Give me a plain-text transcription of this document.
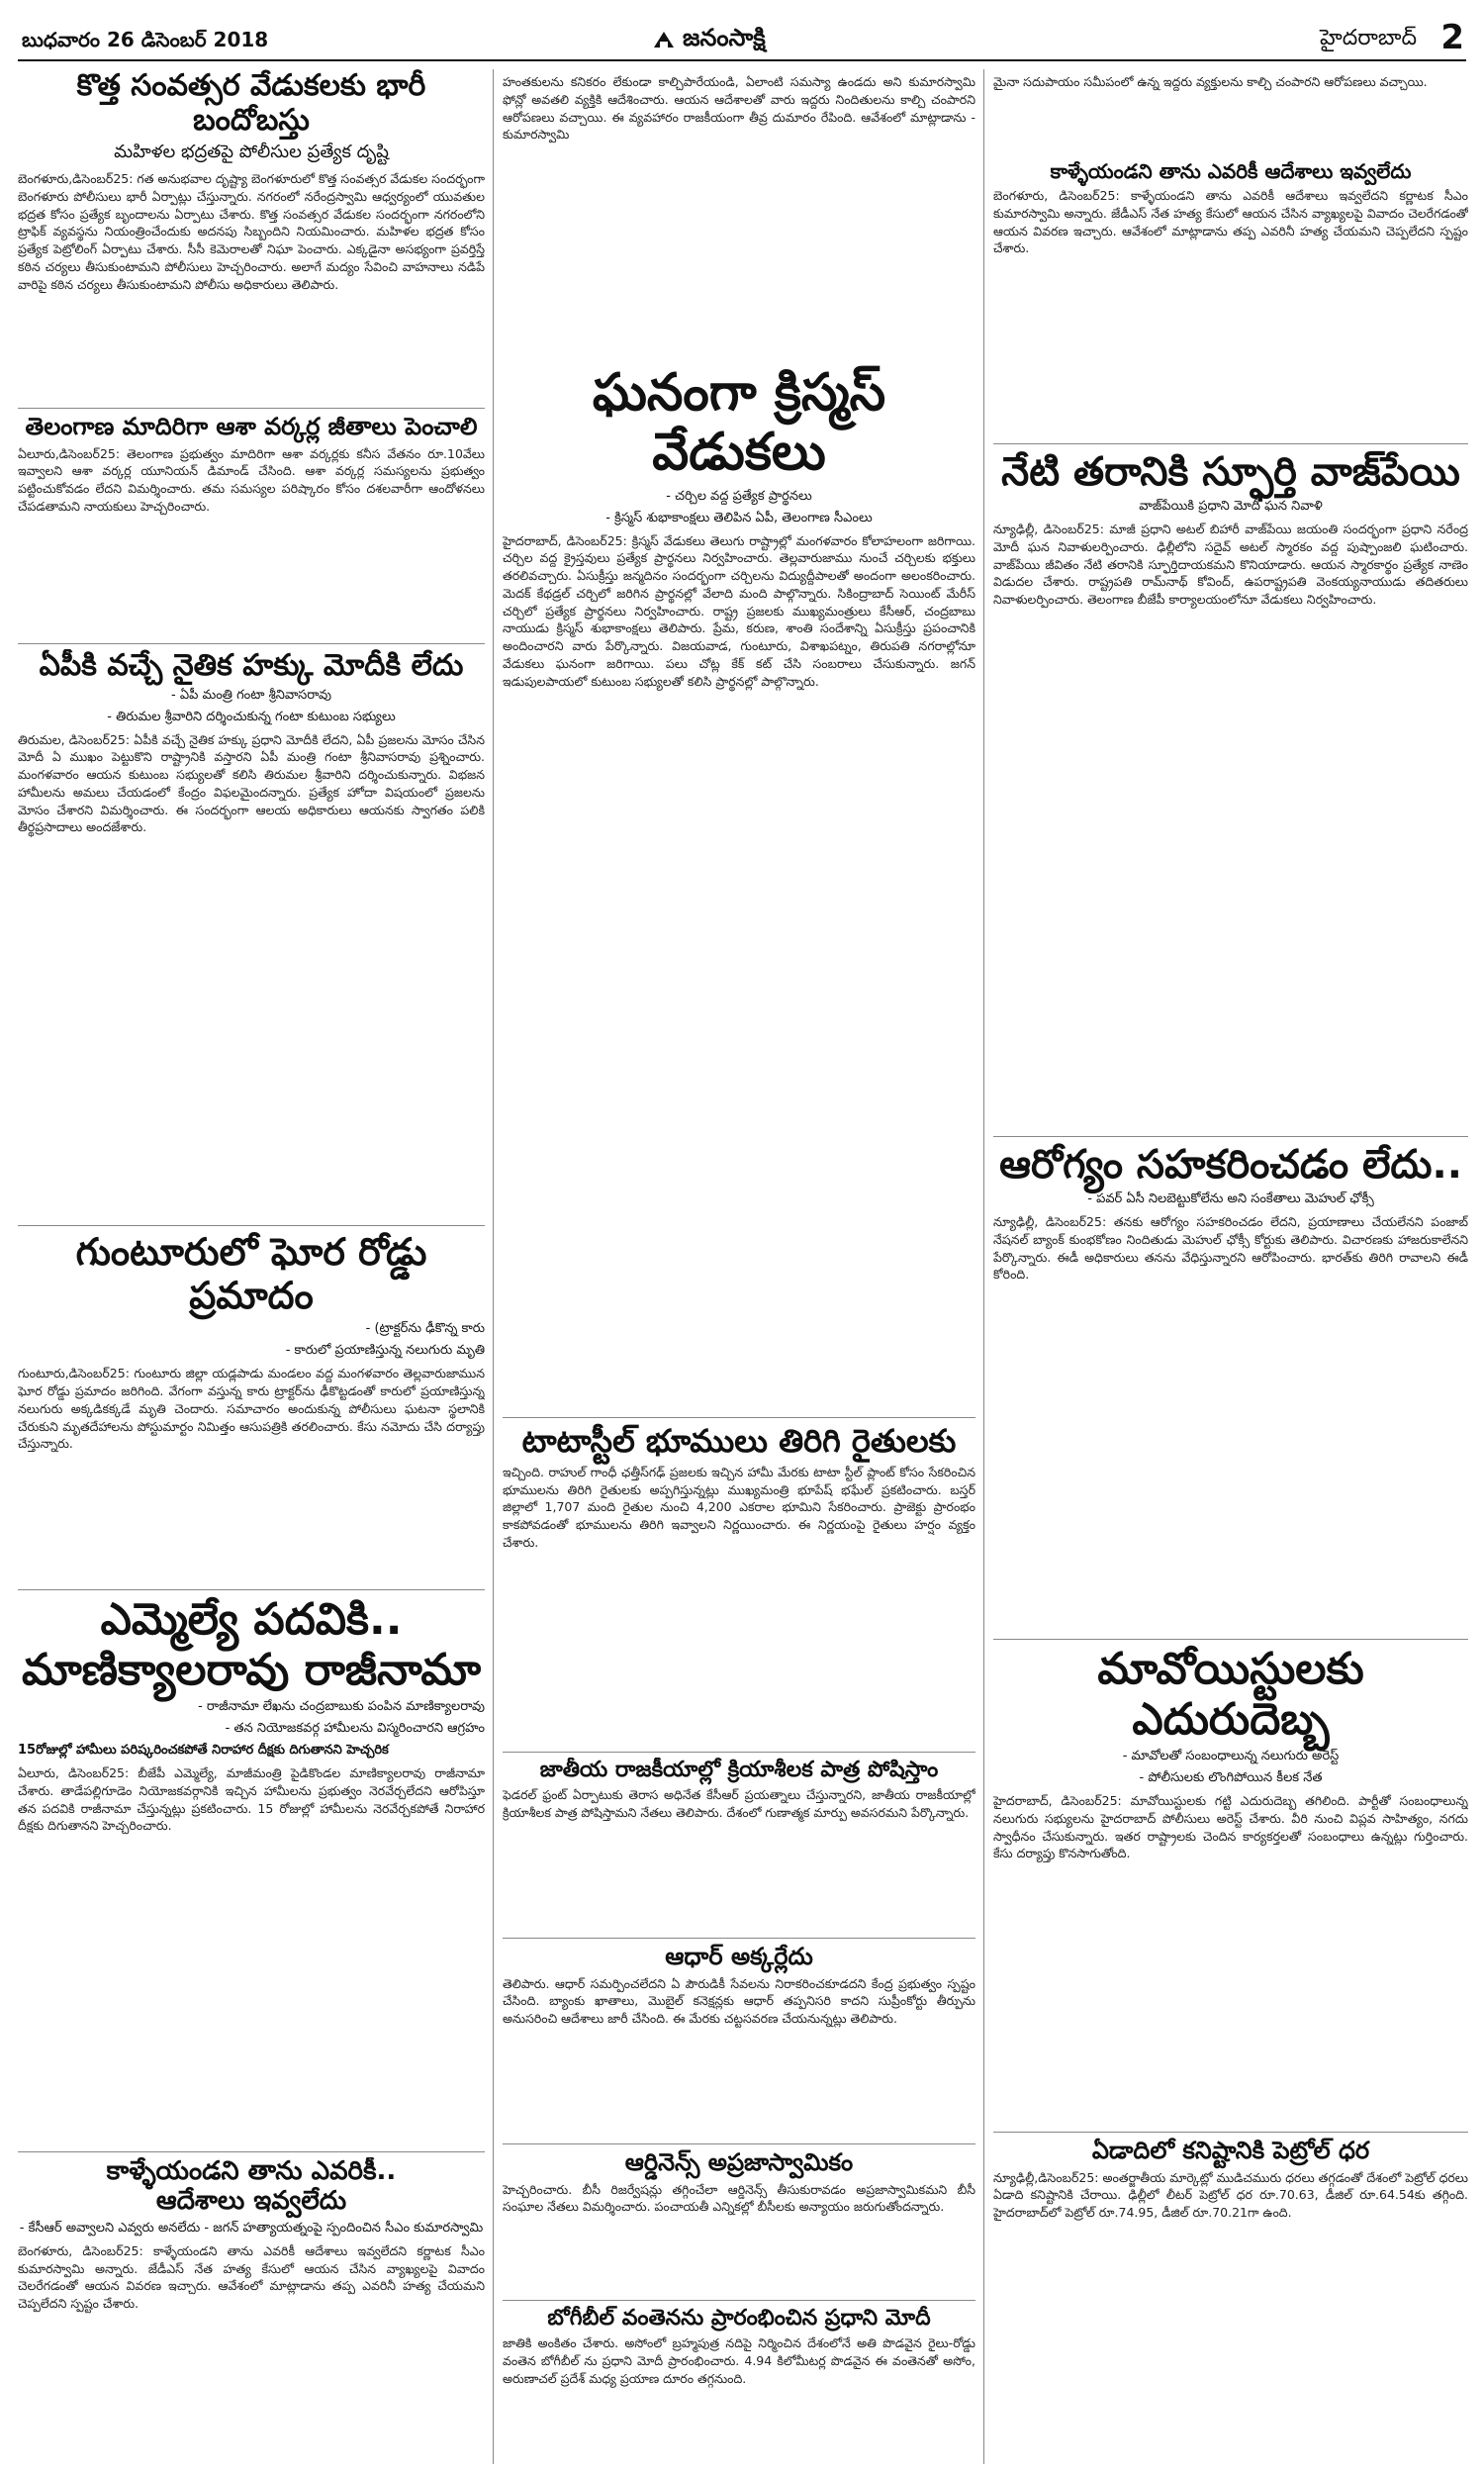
బుధవారం 26 డిసెంబర్ 2018	జనంసాక్షి	హైదరాబాద్ 2
కొత్త సంవత్సర వేడుకలకు భారీ బందోబస్తు
మహిళల భద్రతపై పోలీసుల ప్రత్యేక దృష్టి

బెంగళూరు,డిసెంబర్25: గత అనుభవాల దృష్ట్యా బెంగళూరులో కొత్త సంవత్సర వేడుకల సందర్భంగా బెంగళూరు పోలీసులు భారీ ఏర్పాట్లు చేస్తున్నారు. నగరంలో నరేంద్రస్వామి ఆధ్వర్యంలో యువతుల భద్రత కోసం ప్రత్యేక బృందాలను ఏర్పాటు చేశారు. కొత్త సంవత్సర వేడుకల సందర్భంగా నగరంలోని ట్రాఫిక్ వ్యవస్థను నియంత్రించేందుకు అదనపు సిబ్బందిని నియమించారు. మహిళల భద్రత కోసం ప్రత్యేక పెట్రోలింగ్ ఏర్పాటు చేశారు. సీసీ కెమెరాలతో నిఘా పెంచారు. ఎక్కడైనా అసభ్యంగా ప్రవర్తిస్తే కఠిన చర్యలు తీసుకుంటామని పోలీసులు హెచ్చరించారు. అలాగే మద్యం సేవించి వాహనాలు నడిపే వారిపై కఠిన చర్యలు తీసుకుంటామని పోలీసు అధికారులు తెలిపారు.

తెలంగాణ మాదిరిగా ఆశా వర్కర్ల జీతాలు పెంచాలి

ఏలూరు,డిసెంబర్25: తెలంగాణ ప్రభుత్వం మాదిరిగా ఆశా వర్కర్లకు కనీస వేతనం రూ.10వేలు ఇవ్వాలని ఆశా వర్కర్ల యూనియన్ డిమాండ్ చేసింది. ఆశా వర్కర్ల సమస్యలను ప్రభుత్వం పట్టించుకోవడం లేదని విమర్శించారు. తమ సమస్యల పరిష్కారం కోసం దశలవారీగా ఆందోళనలు చేపడతామని నాయకులు హెచ్చరించారు.

ఏపీకి వచ్చే నైతిక హక్కు మోదీకి లేదు
- ఏపీ మంత్రి గంటా శ్రీనివాసరావు
- తిరుమల శ్రీవారిని దర్శించుకున్న గంటా కుటుంబ సభ్యులు

తిరుమల, డిసెంబర్25: ఏపీకి వచ్చే నైతిక హక్కు ప్రధాని మోదీకి లేదని, ఏపీ ప్రజలను మోసం చేసిన మోదీ ఏ ముఖం పెట్టుకొని రాష్ట్రానికి వస్తారని ఏపీ మంత్రి గంటా శ్రీనివాసరావు ప్రశ్నించారు. మంగళవారం ఆయన కుటుంబ సభ్యులతో కలిసి తిరుమల శ్రీవారిని దర్శించుకున్నారు. విభజన హామీలను అమలు చేయడంలో కేంద్రం విఫలమైందన్నారు. ప్రత్యేక హోదా విషయంలో ప్రజలను మోసం చేశారని విమర్శించారు. ఈ సందర్భంగా ఆలయ అధికారులు ఆయనకు స్వాగతం పలికి తీర్థప్రసాదాలు అందజేశారు.

గుంటూరులో ఘోర రోడ్డు ప్రమాదం
- (ట్రాక్టర్‌ను ఢీకొన్న కారు
- కారులో ప్రయాణిస్తున్న నలుగురు మృతి

గుంటూరు,డిసెంబర్25: గుంటూరు జిల్లా యడ్లపాడు మండలం వద్ద మంగళవారం తెల్లవారుజామున ఘోర రోడ్డు ప్రమాదం జరిగింది. వేగంగా వస్తున్న కారు ట్రాక్టర్‌ను ఢీకొట్టడంతో కారులో ప్రయాణిస్తున్న నలుగురు అక్కడికక్కడే మృతి చెందారు. సమాచారం అందుకున్న పోలీసులు ఘటనా స్థలానికి చేరుకుని మృతదేహాలను పోస్టుమార్టం నిమిత్తం ఆసుపత్రికి తరలించారు. కేసు నమోదు చేసి దర్యాప్తు చేస్తున్నారు.

ఎమ్మెల్యే పదవికి..
మాణిక్యాలరావు రాజీనామా
- రాజీనామా లేఖను చంద్రబాబుకు పంపిన మాణిక్యాలరావు
- తన నియోజకవర్గ హామీలను విస్మరించారని ఆగ్రహం
15రోజుల్లో హామీలు పరిష్కరించకపోతే నిరాహార దీక్షకు దిగుతానని హెచ్చరిక

ఏలూరు, డిసెంబర్25: బీజేపీ ఎమ్మెల్యే, మాజీమంత్రి పైడికొండల మాణిక్యాలరావు రాజీనామా చేశారు. తాడేపల్లిగూడెం నియోజకవర్గానికి ఇచ్చిన హామీలను ప్రభుత్వం నెరవేర్చలేదని ఆరోపిస్తూ తన పదవికి రాజీనామా చేస్తున్నట్లు ప్రకటించారు. 15 రోజుల్లో హామీలను నెరవేర్చకపోతే నిరాహార దీక్షకు దిగుతానని హెచ్చరించారు.

కాళ్ళేయండని తాను ఎవరికీ..
ఆదేశాలు ఇవ్వలేదు
- కేసీఆర్‌ అవ్వాలని ఎవ్వరు అనలేదు - జగన్ హత్యాయత్నంపై స్పందించిన సీఎం కుమారస్వామి

బెంగళూరు, డిసెంబర్25: కాళ్ళేయండని తాను ఎవరికీ ఆదేశాలు ఇవ్వలేదని కర్ణాటక సీఎం కుమారస్వామి అన్నారు. జేడీఎస్ నేత హత్య కేసులో ఆయన చేసిన వ్యాఖ్యలపై వివాదం చెలరేగడంతో ఆయన వివరణ ఇచ్చారు. ఆవేశంలో మాట్లాడాను తప్ప ఎవరినీ హత్య చేయమని చెప్పలేదని స్పష్టం చేశారు.

హంతకులను కనికరం లేకుండా కాల్చిపారేయండి, ఏలాంటి సమస్యా ఉండదు అని కుమారస్వామి ఫోన్లో అవతలి వ్యక్తికి ఆదేశించారు. ఆయన ఆదేశాలతో వారు ఇద్దరు నిందితులను కాల్చి చంపారని ఆరోపణలు వచ్చాయి. ఈ వ్యవహారం రాజకీయంగా తీవ్ర దుమారం రేపింది. ఆవేశంలో మాట్లాడాను - కుమారస్వామి

ఘనంగా క్రిస్మస్‌ వేడుకలు
- చర్చిల వద్ద ప్రత్యేక ప్రార్థనలు
- క్రిస్మస్ శుభాకాంక్షలు తెలిపిన ఏపీ, తెలంగాణ సీఎంలు

హైదరాబాద్, డిసెంబర్25: క్రిస్మస్ వేడుకలు తెలుగు రాష్ట్రాల్లో మంగళవారం కోలాహలంగా జరిగాయి. చర్చిల వద్ద క్రైస్తవులు ప్రత్యేక ప్రార్థనలు నిర్వహించారు. తెల్లవారుజాము నుంచే చర్చిలకు భక్తులు తరలివచ్చారు. ఏసుక్రీస్తు జన్మదినం సందర్భంగా చర్చిలను విద్యుద్దీపాలతో అందంగా అలంకరించారు. మెదక్ కేథడ్రల్ చర్చిలో జరిగిన ప్రార్థనల్లో వేలాది మంది పాల్గొన్నారు. సికింద్రాబాద్ సెయింట్ మేరీస్ చర్చిలో ప్రత్యేక ప్రార్థనలు నిర్వహించారు. రాష్ట్ర ప్రజలకు ముఖ్యమంత్రులు కేసీఆర్, చంద్రబాబు నాయుడు క్రిస్మస్ శుభాకాంక్షలు తెలిపారు. ప్రేమ, కరుణ, శాంతి సందేశాన్ని ఏసుక్రీస్తు ప్రపంచానికి అందించారని వారు పేర్కొన్నారు. విజయవాడ, గుంటూరు, విశాఖపట్నం, తిరుపతి నగరాల్లోనూ వేడుకలు ఘనంగా జరిగాయి. పలు చోట్ల కేక్ కట్ చేసి సంబరాలు చేసుకున్నారు. జగన్ ఇడుపులపాయలో కుటుంబ సభ్యులతో కలిసి ప్రార్థనల్లో పాల్గొన్నారు.

టాటాస్టీల్ భూములు తిరిగి రైతులకు

ఇచ్చింది. రాహుల్ గాంధీ ఛత్తీస్‌గఢ్ ప్రజలకు ఇచ్చిన హామీ మేరకు టాటా స్టీల్ ప్లాంట్ కోసం సేకరించిన భూములను తిరిగి రైతులకు అప్పగిస్తున్నట్లు ముఖ్యమంత్రి భూపేష్ భఘేల్ ప్రకటించారు. బస్తర్ జిల్లాలో 1,707 మంది రైతుల నుంచి 4,200 ఎకరాల భూమిని సేకరించారు. ప్రాజెక్టు ప్రారంభం కాకపోవడంతో భూములను తిరిగి ఇవ్వాలని నిర్ణయించారు. ఈ నిర్ణయంపై రైతులు హర్షం వ్యక్తం చేశారు.

జాతీయ రాజకీయాల్లో క్రియాశీలక పాత్ర పోషిస్తాం

ఫెడరల్ ఫ్రంట్ ఏర్పాటుకు తెరాస అధినేత కేసీఆర్ ప్రయత్నాలు చేస్తున్నారని, జాతీయ రాజకీయాల్లో క్రియాశీలక పాత్ర పోషిస్తామని నేతలు తెలిపారు. దేశంలో గుణాత్మక మార్పు అవసరమని పేర్కొన్నారు.

ఆధార్‌ అక్కర్లేదు

తెలిపారు. ఆధార్ సమర్పించలేదని ఏ పౌరుడికీ సేవలను నిరాకరించకూడదని కేంద్ర ప్రభుత్వం స్పష్టం చేసింది. బ్యాంకు ఖాతాలు, మొబైల్ కనెక్షన్లకు ఆధార్ తప్పనిసరి కాదని సుప్రీంకోర్టు తీర్పును అనుసరించి ఆదేశాలు జారీ చేసింది. ఈ మేరకు చట్టసవరణ చేయనున్నట్లు తెలిపారు.

ఆర్డినెన్స్‌ అప్రజాస్వామికం

హెచ్చరించారు. బీసీ రిజర్వేషన్లు తగ్గించేలా ఆర్డినెన్స్ తీసుకురావడం అప్రజాస్వామికమని బీసీ సంఘాల నేతలు విమర్శించారు. పంచాయతీ ఎన్నికల్లో బీసీలకు అన్యాయం జరుగుతోందన్నారు.

బోగీబీల్‌ వంతెనను ప్రారంభించిన ప్రధాని మోదీ

జాతికి అంకితం చేశారు. అసోంలో బ్రహ్మపుత్ర నదిపై నిర్మించిన దేశంలోనే అతి పొడవైన రైలు-రోడ్డు వంతెన బోగీబీల్ ను ప్రధాని మోదీ ప్రారంభించారు. 4.94 కిలోమీటర్ల పొడవైన ఈ వంతెనతో అసోం, అరుణాచల్ ప్రదేశ్ మధ్య ప్రయాణ దూరం తగ్గనుంది.

మైనా సదుపాయం సమీపంలో ఉన్న ఇద్దరు వ్యక్తులను కాల్చి చంపారని ఆరోపణలు వచ్చాయి.

కాళ్ళేయండని తాను ఎవరికీ ఆదేశాలు ఇవ్వలేదు

బెంగళూరు, డిసెంబర్25: కాళ్ళేయండని తాను ఎవరికీ ఆదేశాలు ఇవ్వలేదని కర్ణాటక సీఎం కుమారస్వామి అన్నారు. జేడీఎస్ నేత హత్య కేసులో ఆయన చేసిన వ్యాఖ్యలపై వివాదం చెలరేగడంతో ఆయన వివరణ ఇచ్చారు. ఆవేశంలో మాట్లాడాను తప్ప ఎవరినీ హత్య చేయమని చెప్పలేదని స్పష్టం చేశారు.

నేటి తరానికి స్ఫూర్తి వాజ్‌పేయి
వాజ్‌పేయికి ప్రధాని మోదీ ఘన నివాళి

న్యూఢిల్లీ, డిసెంబర్25: మాజీ ప్రధాని అటల్ బిహారీ వాజ్‌పేయి జయంతి సందర్భంగా ప్రధాని నరేంద్ర మోదీ ఘన నివాళులర్పించారు. ఢిల్లీలోని సదైవ్ అటల్ స్మారకం వద్ద పుష్పాంజలి ఘటించారు. వాజ్‌పేయి జీవితం నేటి తరానికి స్ఫూర్తిదాయకమని కొనియాడారు. ఆయన స్మారకార్థం ప్రత్యేక నాణెం విడుదల చేశారు. రాష్ట్రపతి రామ్‌నాథ్ కోవింద్, ఉపరాష్ట్రపతి వెంకయ్యనాయుడు తదితరులు నివాళులర్పించారు. తెలంగాణ బీజేపీ కార్యాలయంలోనూ వేడుకలు నిర్వహించారు.

ఆరోగ్యం సహకరించడం లేదు..
- పవర్ ఏసీ నిలబెట్టుకోలేను అని సంకేతాలు మెహుల్ ఛోక్సీ

న్యూఢిల్లీ, డిసెంబర్25: తనకు ఆరోగ్యం సహకరించడం లేదని, ప్రయాణాలు చేయలేనని పంజాబ్ నేషనల్ బ్యాంక్ కుంభకోణం నిందితుడు మెహుల్ ఛోక్సీ కోర్టుకు తెలిపారు. విచారణకు హాజరుకాలేనని పేర్కొన్నారు. ఈడీ అధికారులు తనను వేధిస్తున్నారని ఆరోపించారు. భారత్‌కు తిరిగి రావాలని ఈడీ కోరింది.

మావోయిస్టులకు ఎదురుదెబ్బ
- మావోలతో సంబంధాలున్న నలుగురు అరెస్ట్
- పోలీసులకు లొంగిపోయిన కీలక నేత

హైదరాబాద్, డిసెంబర్25: మావోయిస్టులకు గట్టి ఎదురుదెబ్బ తగిలింది. పార్టీతో సంబంధాలున్న నలుగురు సభ్యులను హైదరాబాద్ పోలీసులు అరెస్ట్ చేశారు. వీరి నుంచి విప్లవ సాహిత్యం, నగదు స్వాధీనం చేసుకున్నారు. ఇతర రాష్ట్రాలకు చెందిన కార్యకర్తలతో సంబంధాలు ఉన్నట్లు గుర్తించారు. కేసు దర్యాప్తు కొనసాగుతోంది.

ఏడాదిలో కనిష్టానికి పెట్రోల్‌ ధర

న్యూఢిల్లీ,డిసెంబర్25: అంతర్జాతీయ మార్కెట్లో ముడిచమురు ధరలు తగ్గడంతో దేశంలో పెట్రోల్ ధరలు ఏడాది కనిష్టానికి చేరాయి. ఢిల్లీలో లీటర్ పెట్రోల్ ధర రూ.70.63, డీజిల్ రూ.64.54కు తగ్గింది. హైదరాబాద్‌లో పెట్రోల్ రూ.74.95, డీజిల్ రూ.70.21గా ఉంది.
